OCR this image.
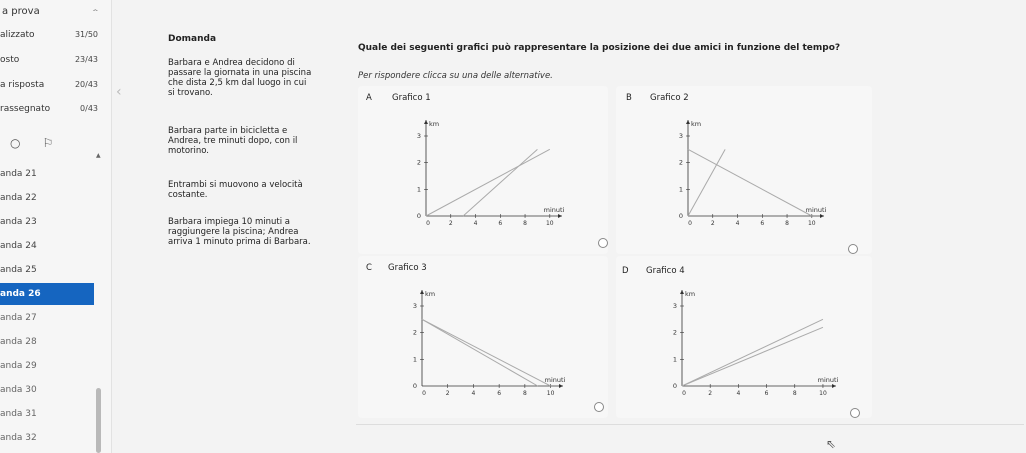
a prova	^
alizzato	31/50
osto	23/43
a risposta	20/43
rassegnato	0/43
○ ⚐
▲
anda 21
anda 22
anda 23
anda 24
anda 25
anda 26
anda 27
anda 28
anda 29
anda 30
anda 31
anda 32
‹
Domanda
Barbara e Andrea decidono di
passare la giornata in una piscina
che dista 2,5 km dal luogo in cui
si trovano.
Barbara parte in bicicletta e
Andrea, tre minuti dopo, con il
motorino.
Entrambi si muovono a velocità
costante.
Barbara impiega 10 minuti a
raggiungere la piscina; Andrea
arriva 1 minuto prima di Barbara.
Quale dei seguenti grafici può rappresentare la posizione dei due amici in funzione del tempo?
Per rispondere clicca su una delle alternative.
A Grafico 1
0	2	4	6	8	10
0
1
2
3
minuti
km
B Grafico 2
0	2	4	6	8	10
0
1
2
3
minuti
km
C Grafico 3
0	2	4	6	8	10
0
1
2
3
minuti
km
D Grafico 4
0	2	4	6	8	10
0
1
2
3
minuti
km
⇖
